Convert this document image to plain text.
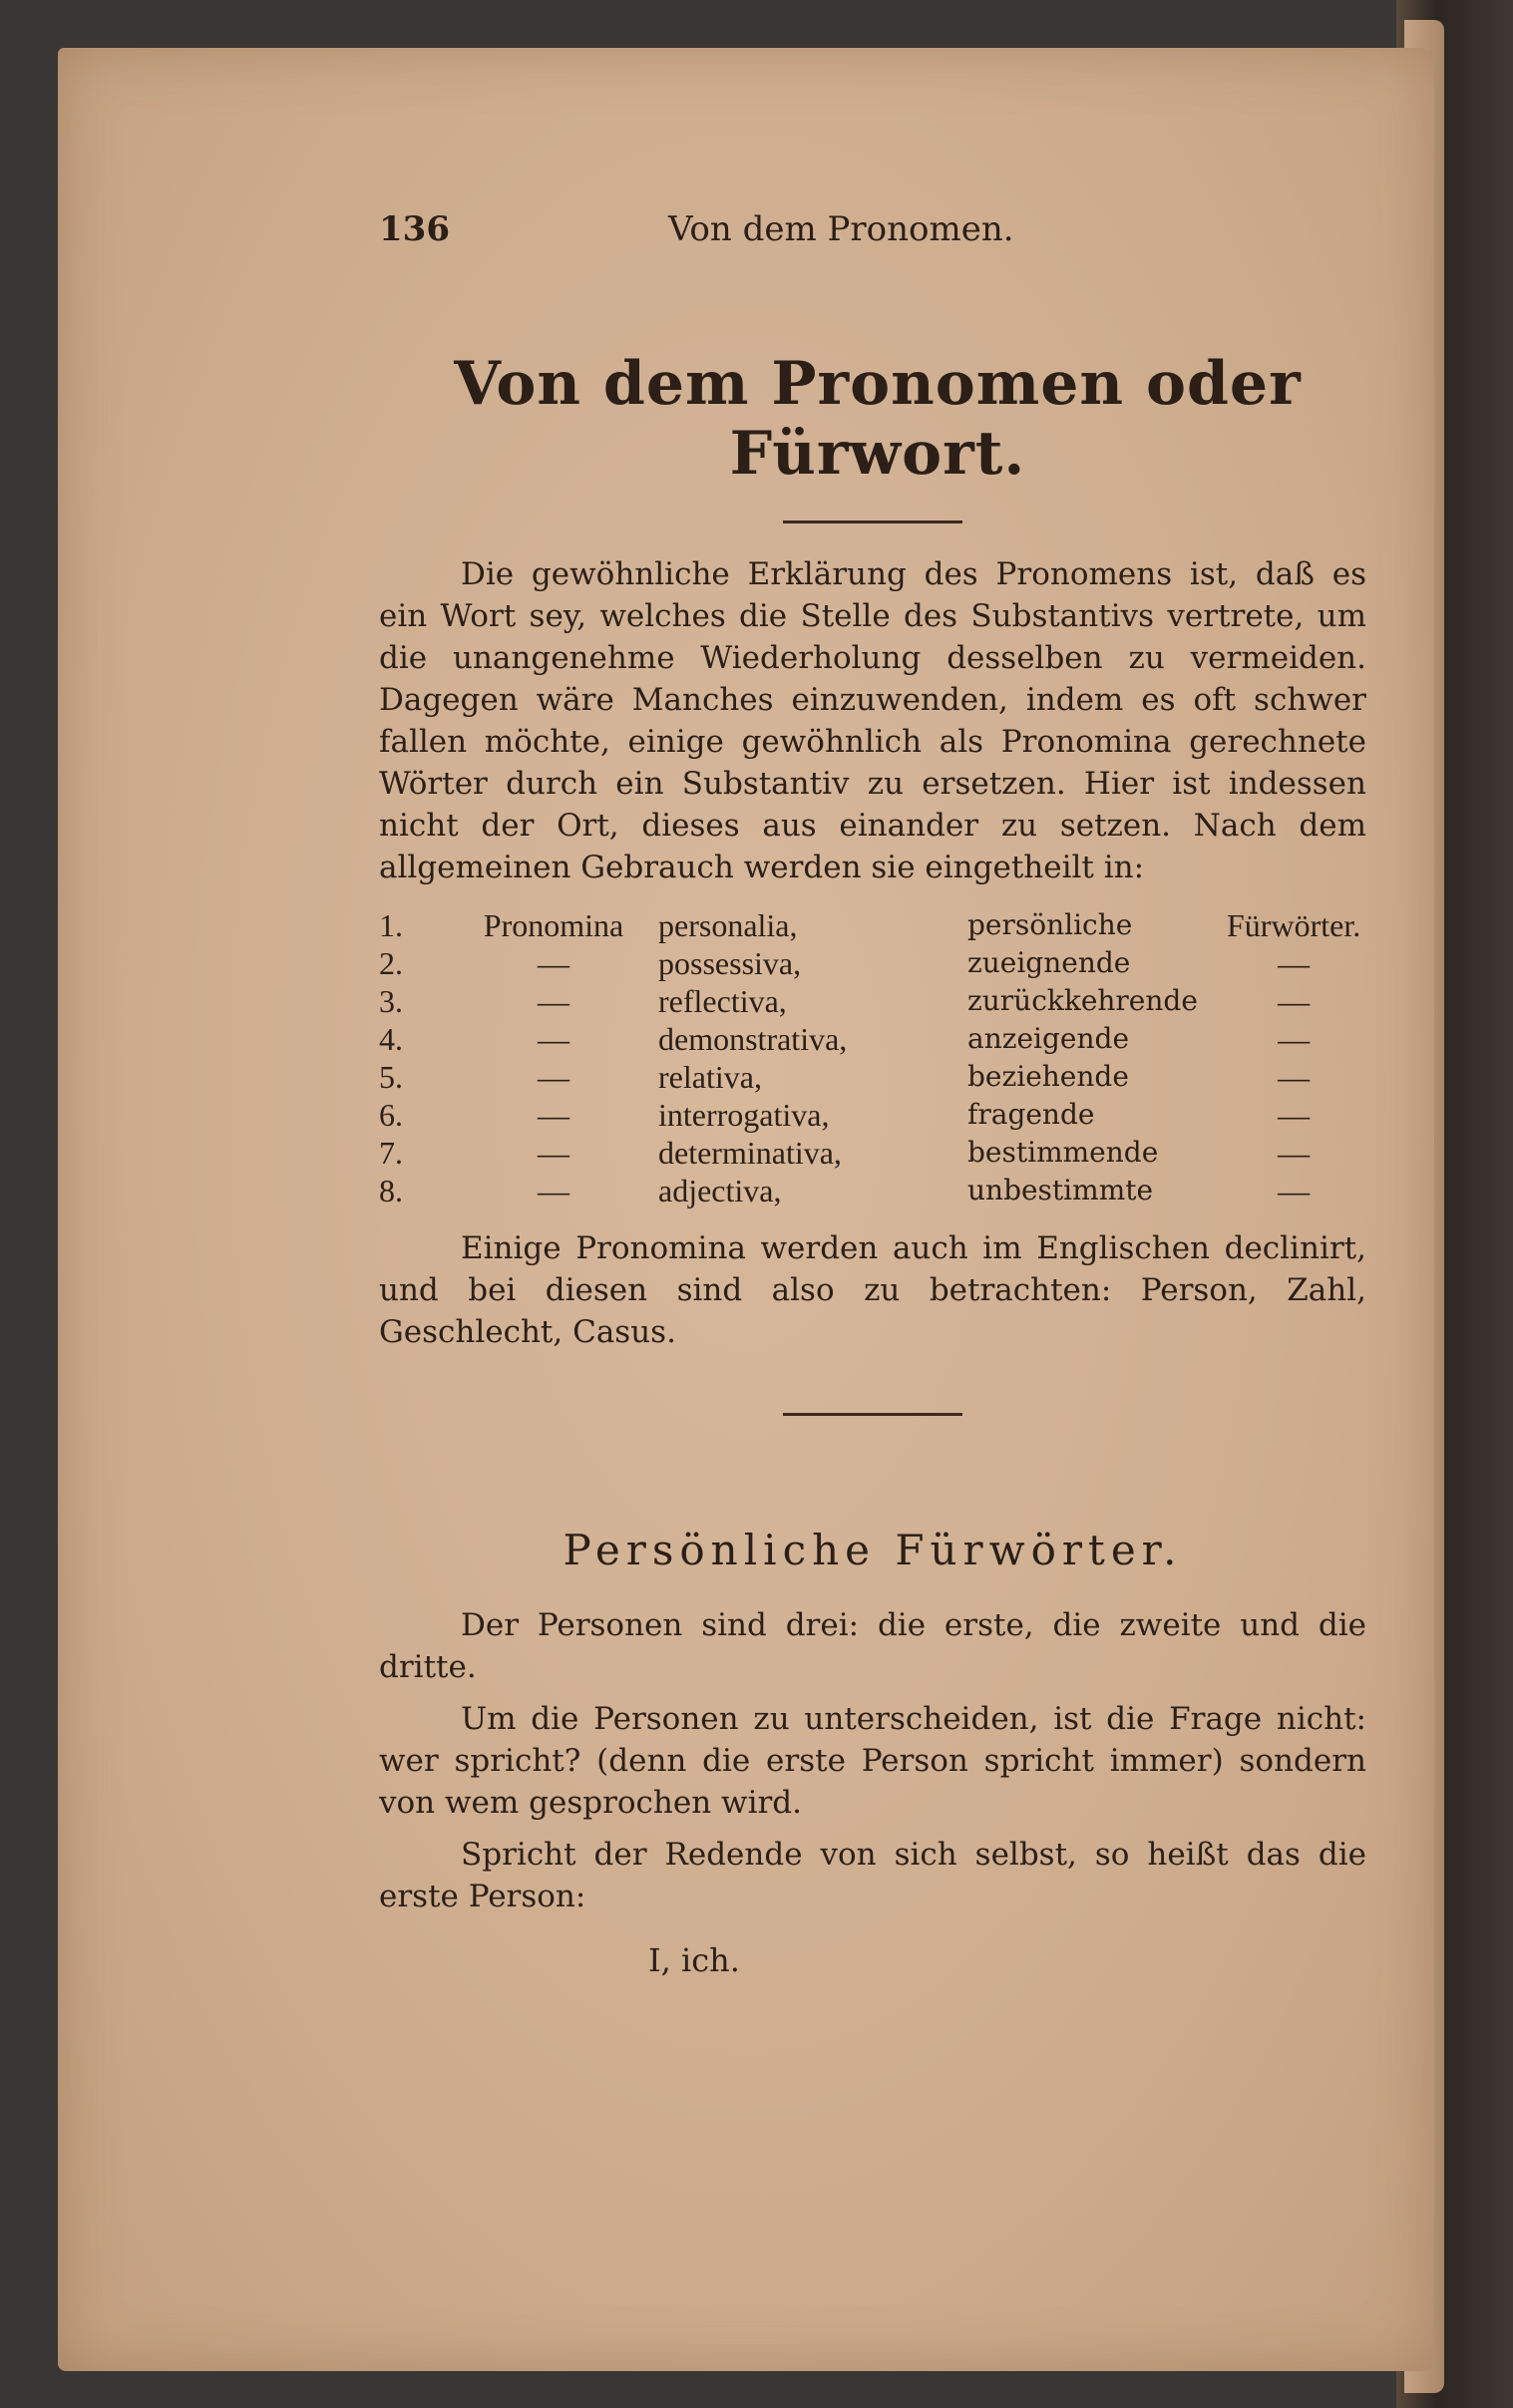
136	Von dem Pronomen.
Von dem Pronomen oder Fürwort.

Die gewöhnliche Erklärung des Pronomens ist, daß es ein Wort sey, welches die Stelle des Substantivs vertrete, um die unangenehme Wiederholung desselben zu vermeiden. Dagegen wäre Manches einzuwenden, indem es oft schwer fallen möchte, einige gewöhnlich als Pronomina gerechnete Wörter durch ein Substantiv zu ersetzen. Hier ist indessen nicht der Ort, dieses aus einander zu setzen. Nach dem allgemeinen Gebrauch werden sie eingetheilt in:

1.	Pronomina	personalia,	persönliche	Fürwörter.
2.	—	possessiva,	zueignende	—
3.	—	reflectiva,	zurückkehrende	—
4.	—	demonstrativa,	anzeigende	—
5.	—	relativa,	beziehende	—
6.	—	interrogativa,	fragende	—
7.	—	determinativa,	bestimmende	—
8.	—	adjectiva,	unbestimmte	—

Einige Pronomina werden auch im Englischen declinirt, und bei diesen sind also zu betrachten: Person, Zahl, Geschlecht, Casus.

Persönliche Fürwörter.

Der Personen sind drei: die erste, die zweite und die dritte.

Um die Personen zu unterscheiden, ist die Frage nicht: wer spricht? (denn die erste Person spricht immer) sondern von wem gesprochen wird.

Spricht der Redende von sich selbst, so heißt das die erste Person:

I, ich.
